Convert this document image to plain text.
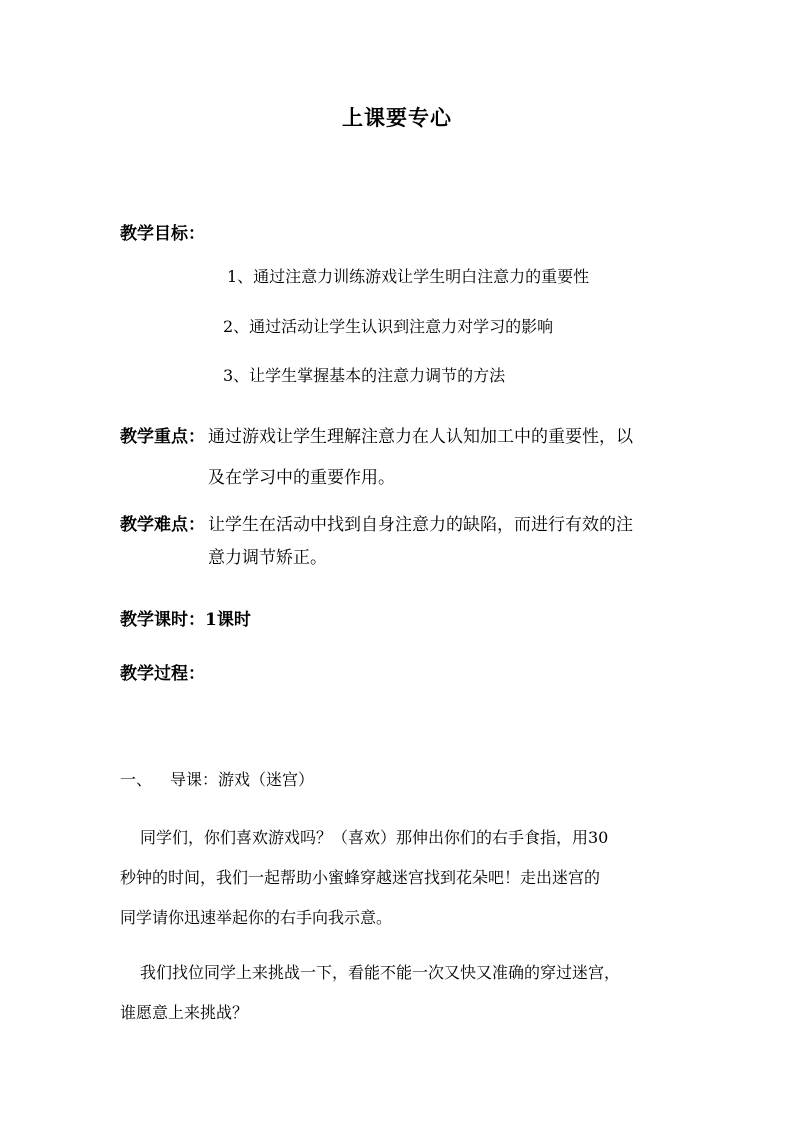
上课要专心
教学目标：
1、通过注意力训练游戏让学生明白注意力的重要性
2、通过活动让学生认识到注意力对学习的影响
3、让学生掌握基本的注意力调节的方法
教学重点： 通过游戏让学生理解注意力在人认知加工中的重要性，以
及在学习中的重要作用。
教学难点： 让学生在活动中找到自身注意力的缺陷，而进行有效的注
意力调节矫正。
教学课时：1课时
教学过程：
一、 导课：游戏（迷宫）
同学们，你们喜欢游戏吗？（喜欢）那伸出你们的右手食指，用30
秒钟的时间，我们一起帮助小蜜蜂穿越迷宫找到花朵吧！走出迷宫的
同学请你迅速举起你的右手向我示意。
我们找位同学上来挑战一下，看能不能一次又快又准确的穿过迷宫，
谁愿意上来挑战？
